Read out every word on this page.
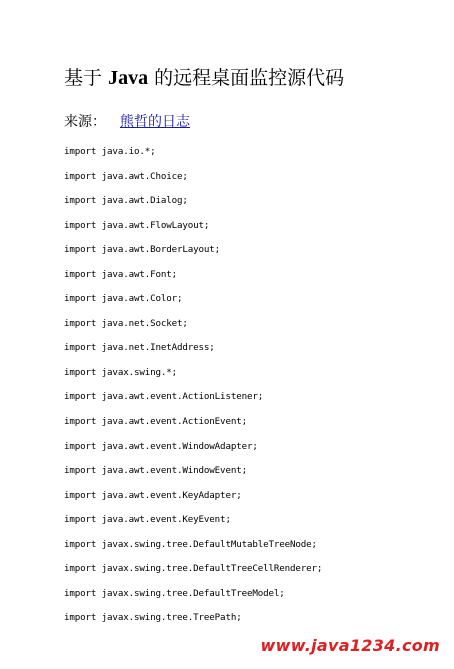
基于 Java 的远程桌面监控源代码
来源： 熊哲的日志
import java.io.*;
import java.awt.Choice;
import java.awt.Dialog;
import java.awt.FlowLayout;
import java.awt.BorderLayout;
import java.awt.Font;
import java.awt.Color;
import java.net.Socket;
import java.net.InetAddress;
import javax.swing.*;
import java.awt.event.ActionListener;
import java.awt.event.ActionEvent;
import java.awt.event.WindowAdapter;
import java.awt.event.WindowEvent;
import java.awt.event.KeyAdapter;
import java.awt.event.KeyEvent;
import javax.swing.tree.DefaultMutableTreeNode;
import javax.swing.tree.DefaultTreeCellRenderer;
import javax.swing.tree.DefaultTreeModel;
import javax.swing.tree.TreePath;
www.java1234.com
